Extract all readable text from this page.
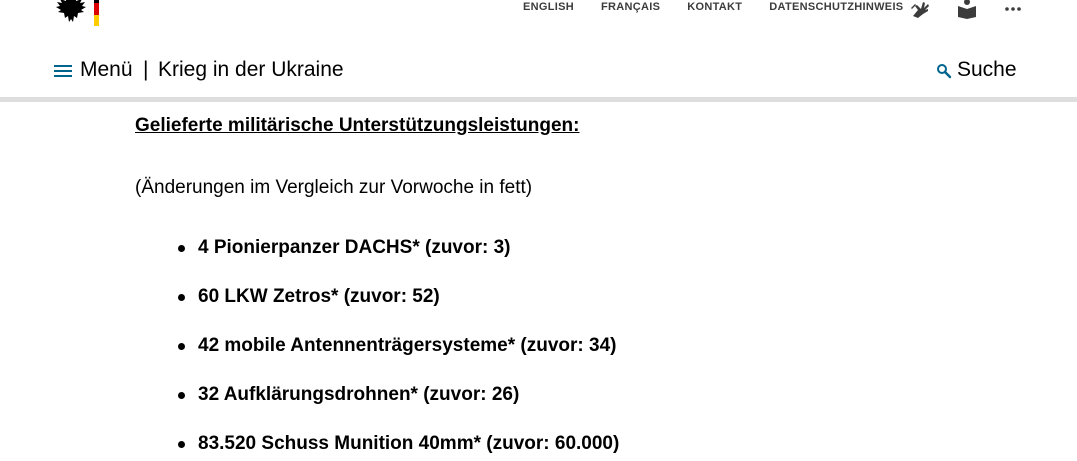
ENGLISH FRANÇAIS KONTAKT DATENSCHUTZHINWEIS
Menü | Krieg in der Ukraine	Suche
Gelieferte militärische Unterstützungsleistungen:
(Änderungen im Vergleich zur Vorwoche in fett)
4 Pionierpanzer DACHS* (zuvor: 3)
60 LKW Zetros* (zuvor: 52)
42 mobile Antennenträgersysteme* (zuvor: 34)
32 Aufklärungsdrohnen* (zuvor: 26)
83.520 Schuss Munition 40mm* (zuvor: 60.000)
